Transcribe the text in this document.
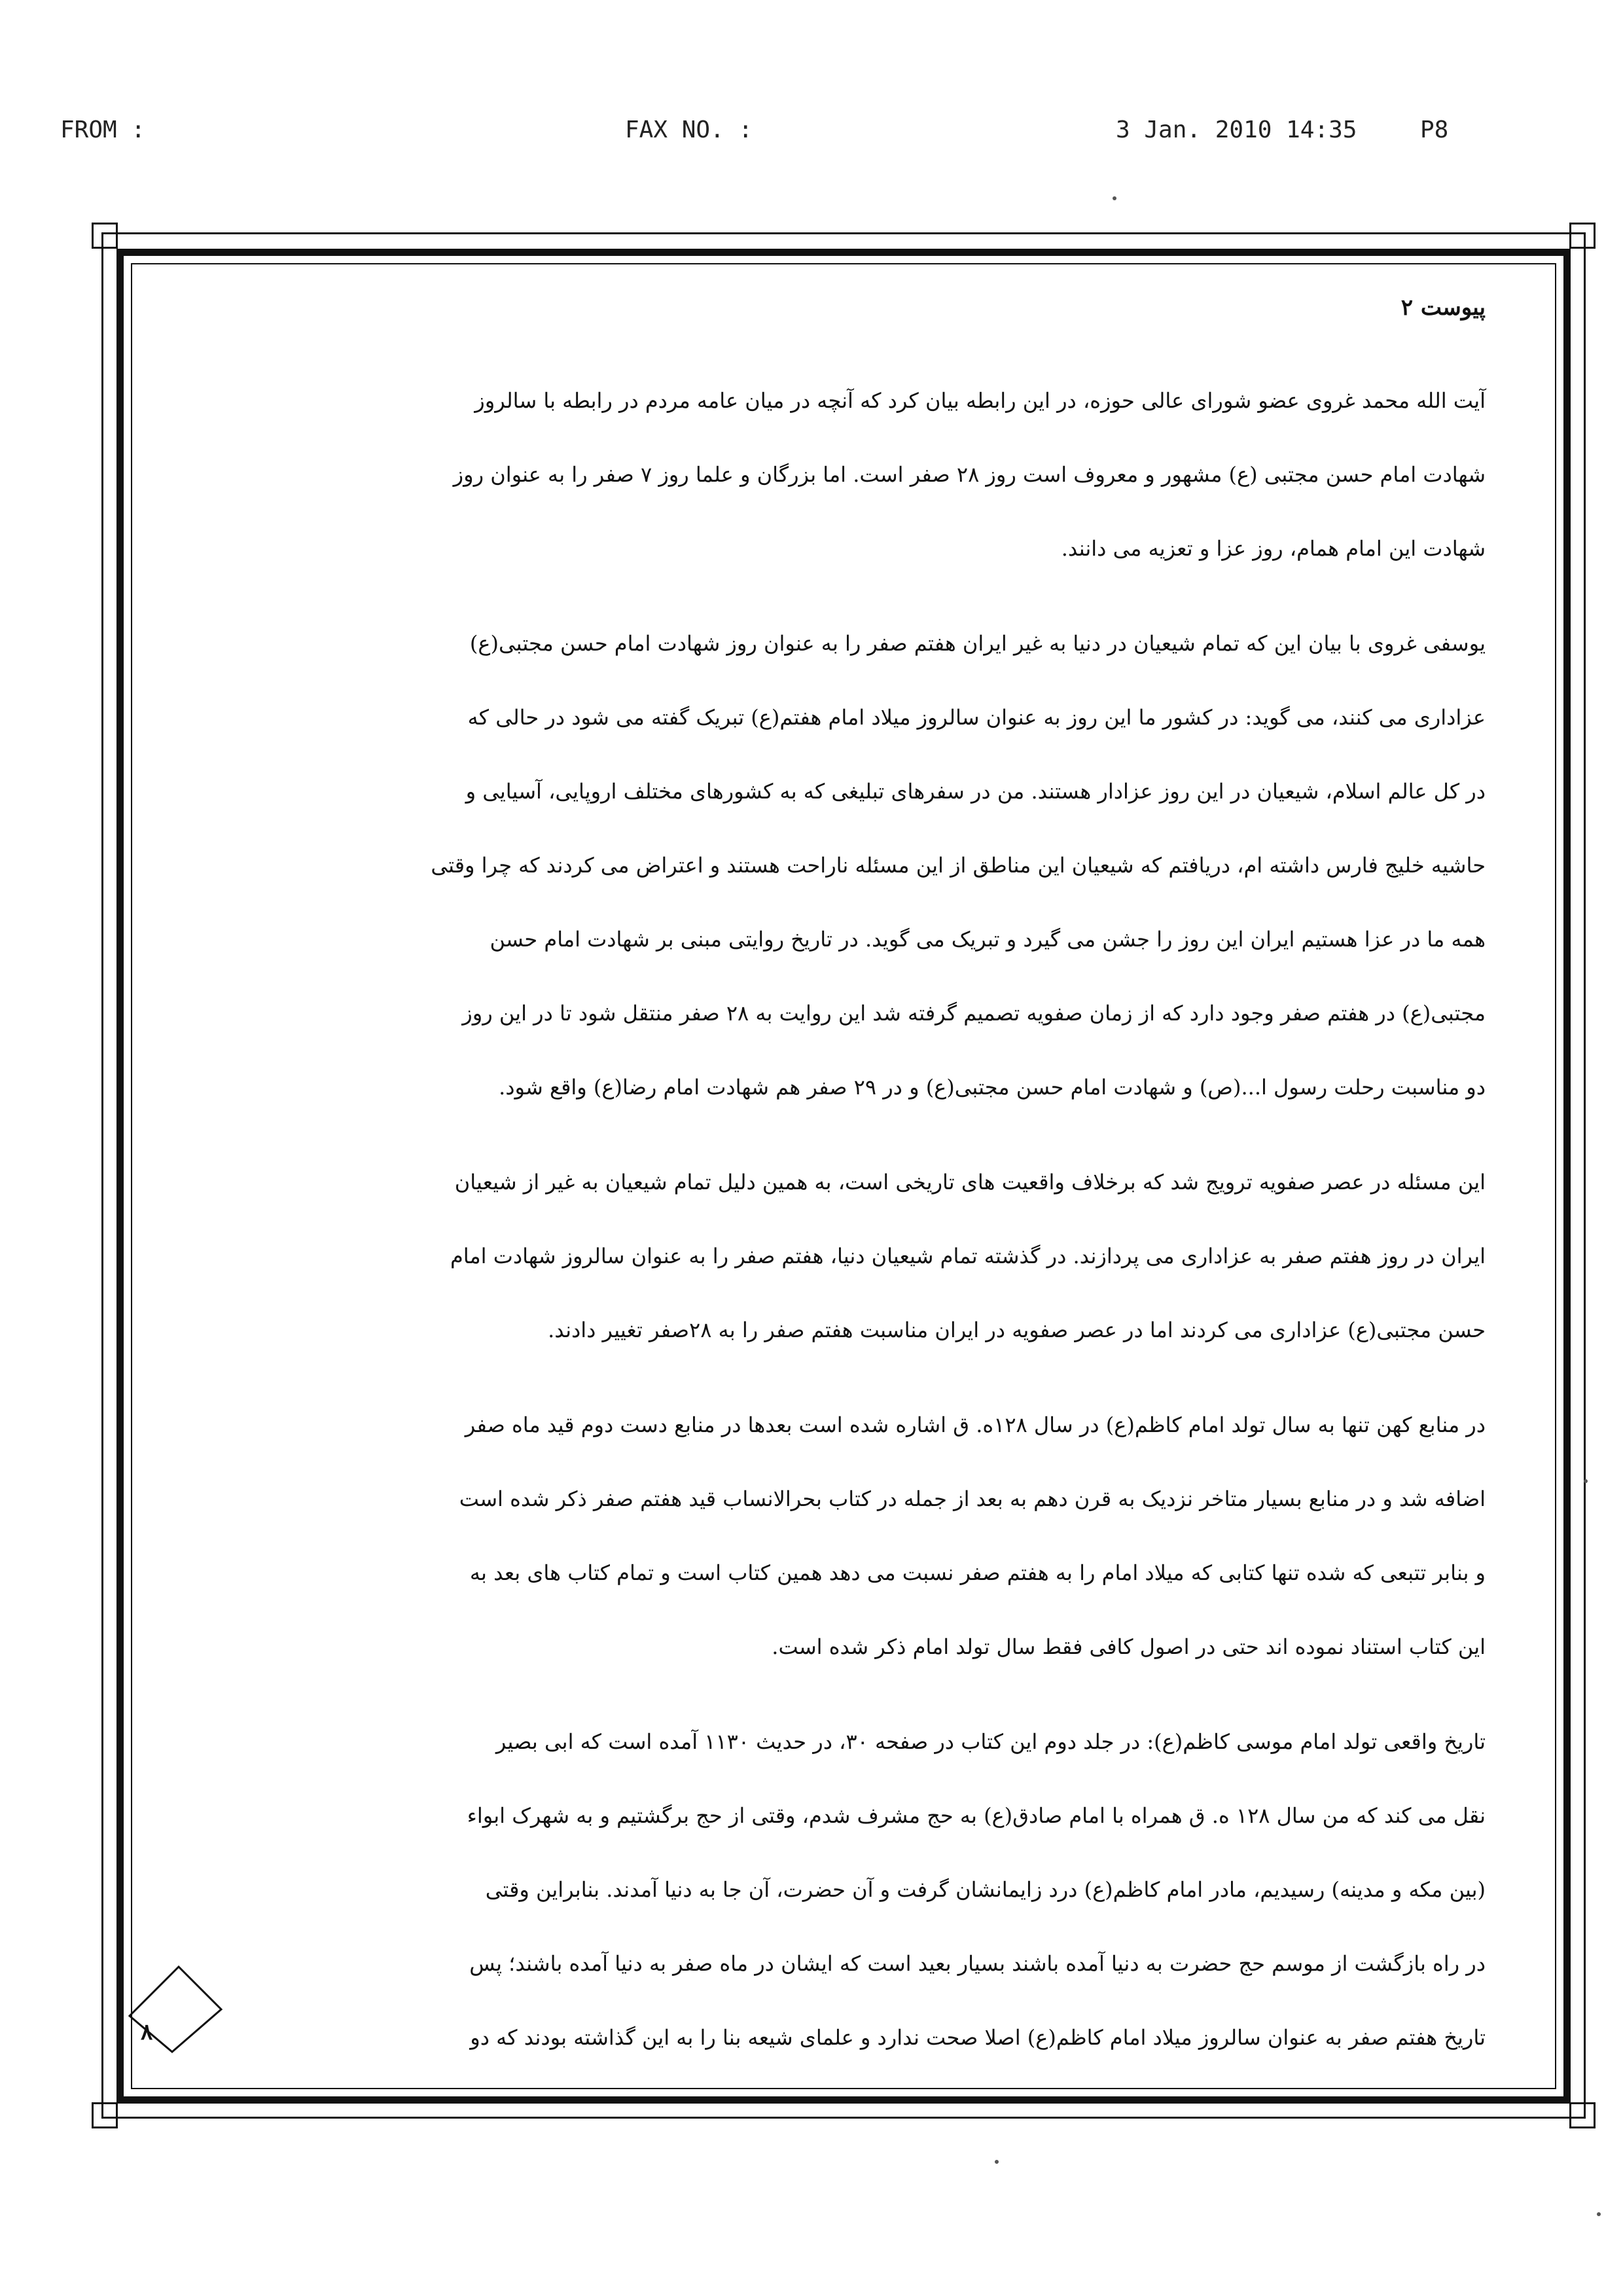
FROM :	FAX NO. :	3 Jan. 2010 14:35	P8
پیوست ۲
آیت الله محمد غروی عضو شورای عالی حوزه، در این رابطه بیان کرد که آنچه در میان عامه مردم در رابطه با سالروز
شهادت امام حسن مجتبی (ع) مشهور و معروف است روز ۲۸ صفر است. اما بزرگان و علما روز ۷ صفر را به عنوان روز
شهادت این امام همام، روز عزا و تعزیه می دانند.
یوسفی غروی با بیان این که تمام شیعیان در دنیا به غیر ایران هفتم صفر را به عنوان روز شهادت امام حسن مجتبی(ع)
عزاداری می کنند، می گوید: در کشور ما این روز به عنوان سالروز میلاد امام هفتم(ع) تبریک گفته می شود در حالی که
در کل عالم اسلام، شیعیان در این روز عزادار هستند. من در سفرهای تبلیغی که به کشورهای مختلف اروپایی، آسیایی و
حاشیه خلیج فارس داشته ام، دریافتم که شیعیان این مناطق از این مسئله ناراحت هستند و اعتراض می کردند که چرا وقتی
همه ما در عزا هستیم ایران این روز را جشن می گیرد و تبریک می گوید. در تاریخ روایتی مبنی بر شهادت امام حسن
مجتبی(ع) در هفتم صفر وجود دارد که از زمان صفویه تصمیم گرفته شد این روایت به ۲۸ صفر منتقل شود تا در این روز
دو مناسبت رحلت رسول ا...(ص) و شهادت امام حسن مجتبی(ع) و در ۲۹ صفر هم شهادت امام رضا(ع) واقع شود.
این مسئله در عصر صفویه ترویج شد که برخلاف واقعیت های تاریخی است، به همین دلیل تمام شیعیان به غیر از شیعیان
ایران در روز هفتم صفر به عزاداری می پردازند. در گذشته تمام شیعیان دنیا، هفتم صفر را به عنوان سالروز شهادت امام
حسن مجتبی(ع) عزاداری می کردند اما در عصر صفویه در ایران مناسبت هفتم صفر را به ۲۸صفر تغییر دادند.
در منابع کهن تنها به سال تولد امام کاظم(ع) در سال ۱۲۸ه. ق اشاره شده است بعدها در منابع دست دوم قید ماه صفر
اضافه شد و در منابع بسیار متاخر نزدیک به قرن دهم به بعد از جمله در کتاب بحرالانساب قید هفتم صفر ذکر شده است
و بنابر تتبعی که شده تنها کتابی که میلاد امام را به هفتم صفر نسبت می دهد همین کتاب است و تمام کتاب های بعد به
این کتاب استناد نموده اند حتی در اصول کافی فقط سال تولد امام ذکر شده است.
تاریخ واقعی تولد امام موسی کاظم(ع): در جلد دوم این کتاب در صفحه ۳۰، در حدیث ۱۱۳۰ آمده است که ابی بصیر
نقل می کند که من سال ۱۲۸ ه. ق همراه با امام صادق(ع) به حج مشرف شدم، وقتی از حج برگشتیم و به شهرک ابواء
(بین مکه و مدینه) رسیدیم، مادر امام کاظم(ع) درد زایمانشان گرفت و آن حضرت، آن جا به دنیا آمدند. بنابراین وقتی
در راه بازگشت از موسم حج حضرت به دنیا آمده باشند بسیار بعید است که ایشان در ماه صفر به دنیا آمده باشند؛ پس
تاریخ هفتم صفر به عنوان سالروز میلاد امام کاظم(ع) اصلا صحت ندارد و علمای شیعه بنا را به این گذاشته بودند که دو
۸
